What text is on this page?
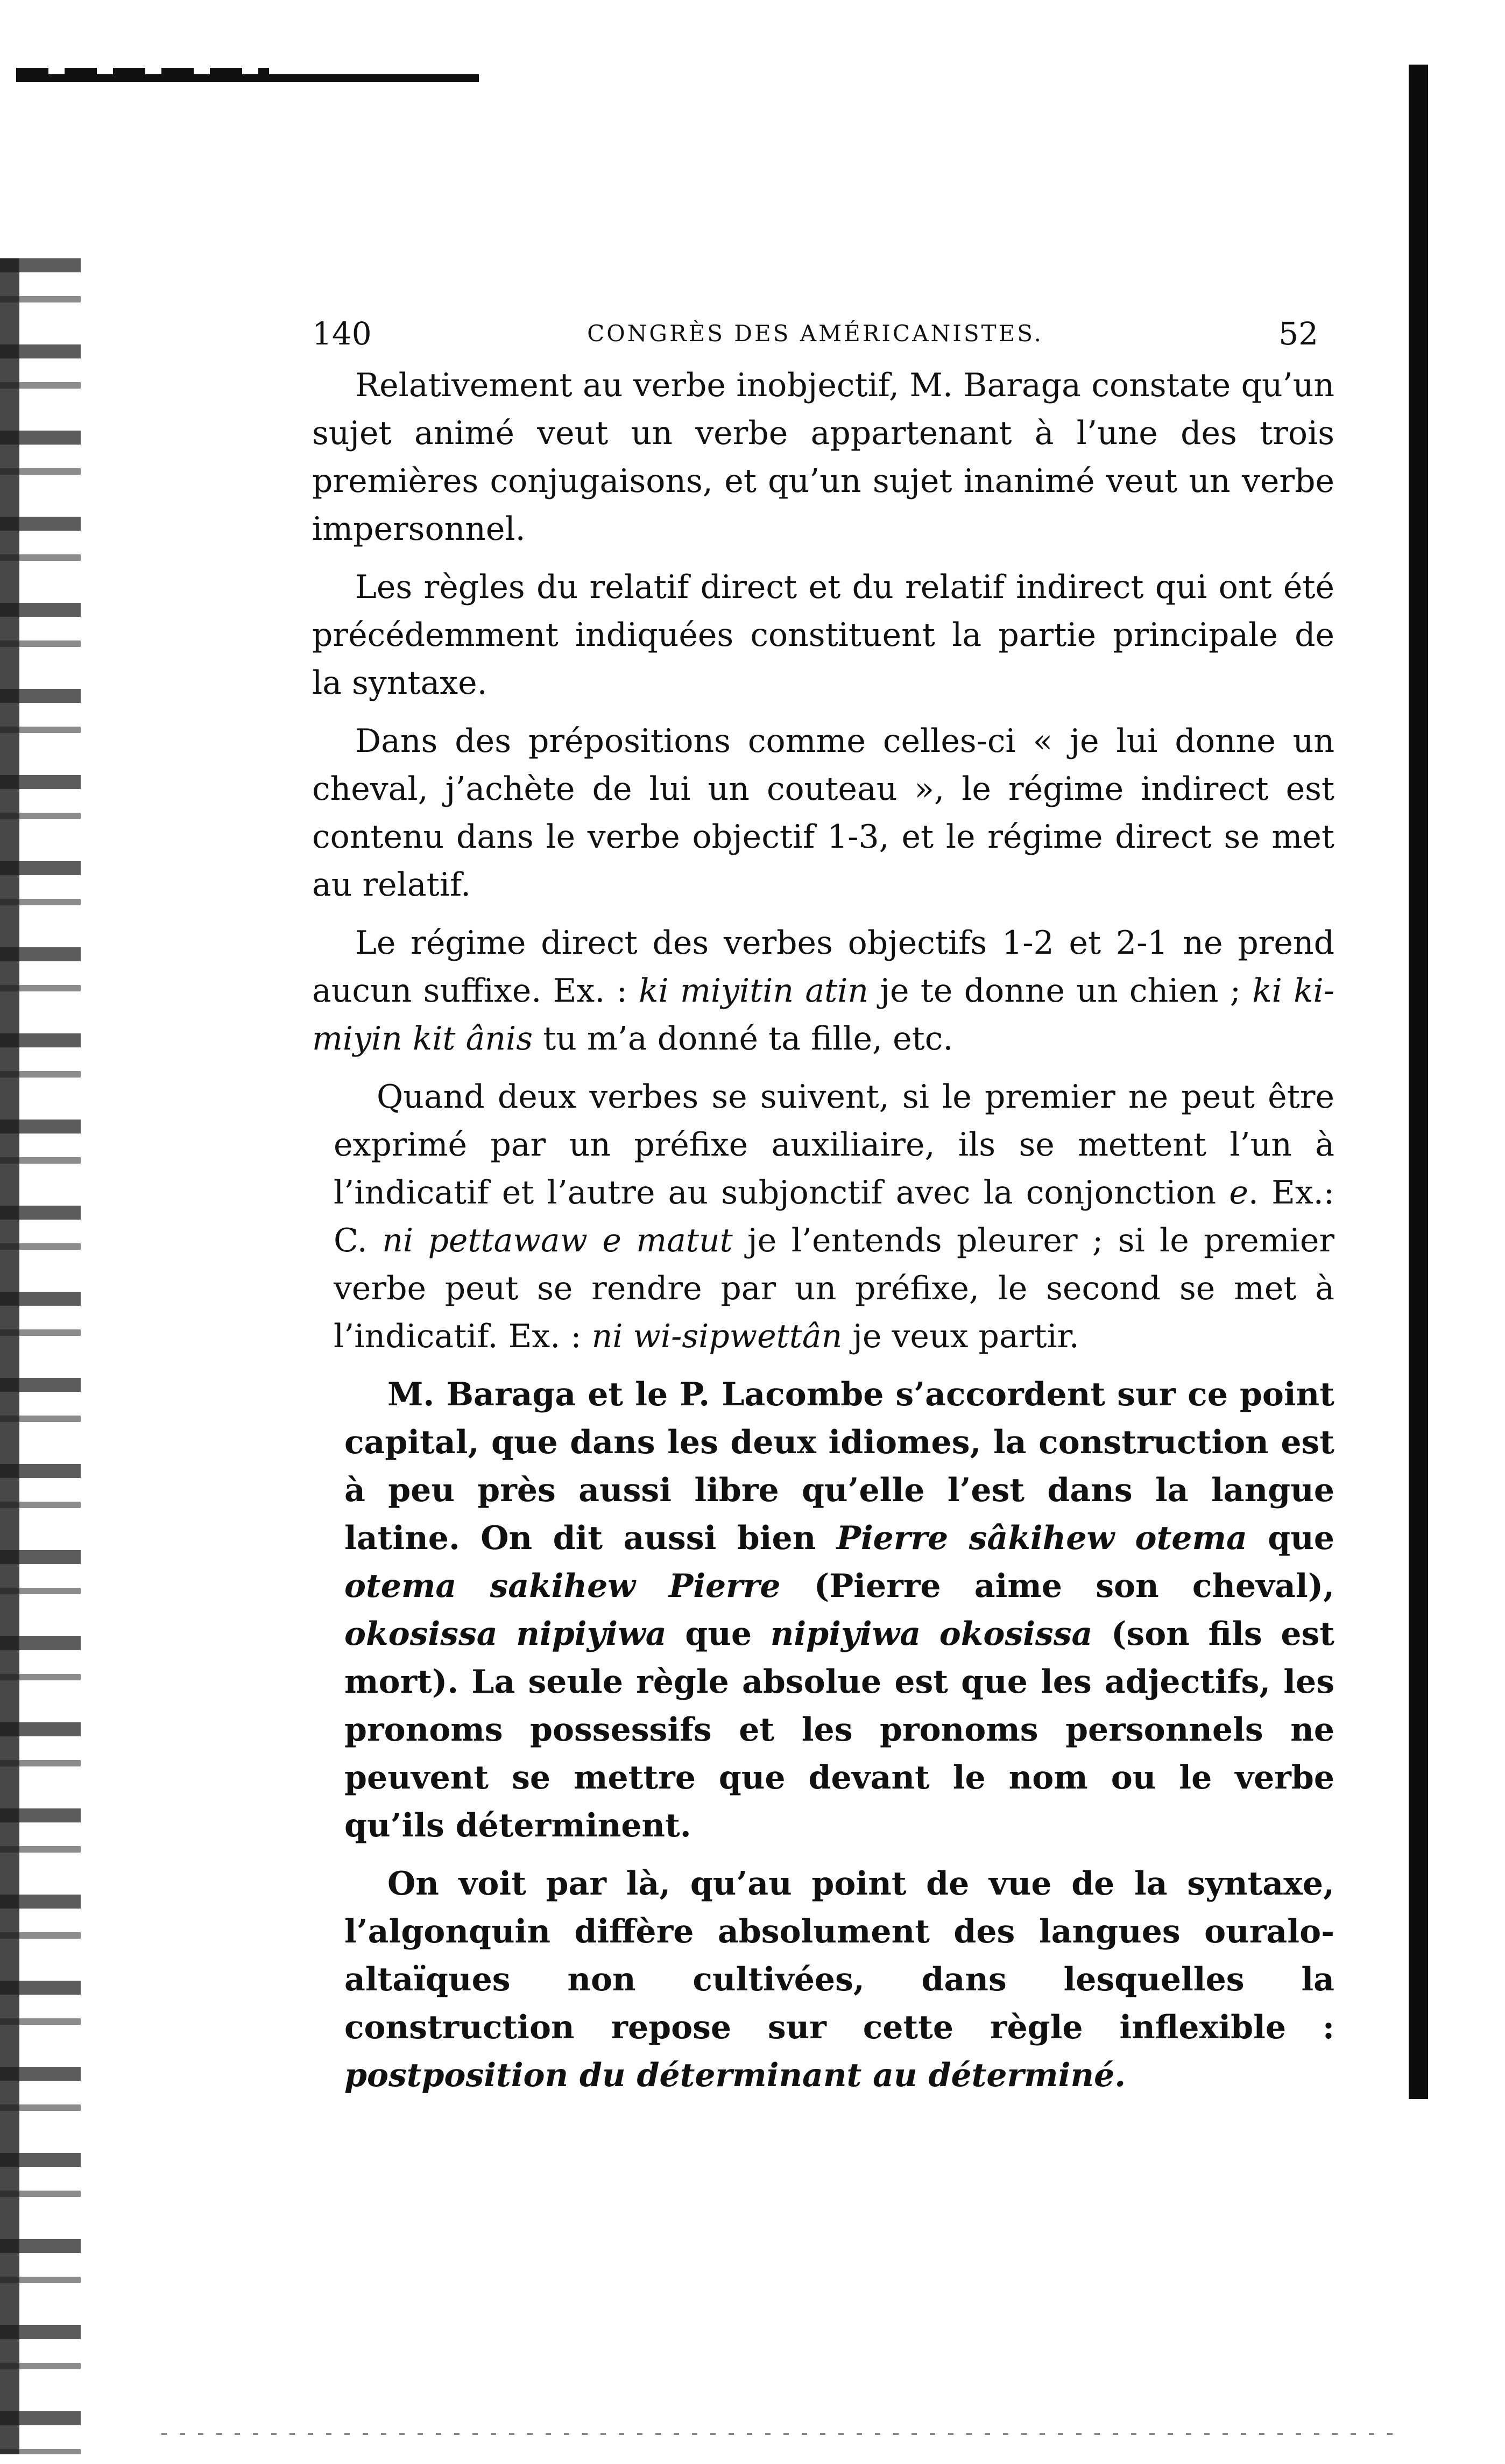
140	CONGRÈS DES AMÉRICANISTES.	52

Relativement au verbe inobjectif, M. Baraga constate qu’un sujet animé veut un verbe appartenant à l’une des trois premières conjugaisons, et qu’un sujet inanimé veut un verbe impersonnel.

Les règles du relatif direct et du relatif indirect qui ont été précédemment indiquées constituent la partie principale de la syntaxe.

Dans des prépositions comme celles-ci « je lui donne un cheval, j’achète de lui un couteau », le régime indirect est contenu dans le verbe objectif 1-3, et le régime direct se met au relatif.

Le régime direct des verbes objectifs 1-2 et 2-1 ne prend aucun suffixe. Ex. : ki miyitin atin je te donne un chien ; ki ki-miyin kit ânis tu m’a donné ta fille, etc.

Quand deux verbes se suivent, si le premier ne peut être exprimé par un préfixe auxiliaire, ils se mettent l’un à l’indicatif et l’autre au subjonctif avec la conjonction e. Ex.: C. ni pettawaw e matut je l’entends pleurer ; si le premier verbe peut se rendre par un préfixe, le second se met à l’indicatif. Ex. : ni wi-sipwettân je veux partir.

M. Baraga et le P. Lacombe s’accordent sur ce point capital, que dans les deux idiomes, la construction est à peu près aussi libre qu’elle l’est dans la langue latine. On dit aussi bien Pierre sâkihew otema que otema sakihew Pierre (Pierre aime son cheval), okosissa nipiyiwa que nipiyiwa okosissa (son fils est mort). La seule règle absolue est que les adjectifs, les pronoms possessifs et les pronoms personnels ne peuvent se mettre que devant le nom ou le verbe qu’ils déterminent.

On voit par là, qu’au point de vue de la syntaxe, l’algonquin diffère absolument des langues ouralo-altaïques non cultivées, dans lesquelles la construction repose sur cette règle inflexible : postposition du déterminant au déterminé.
